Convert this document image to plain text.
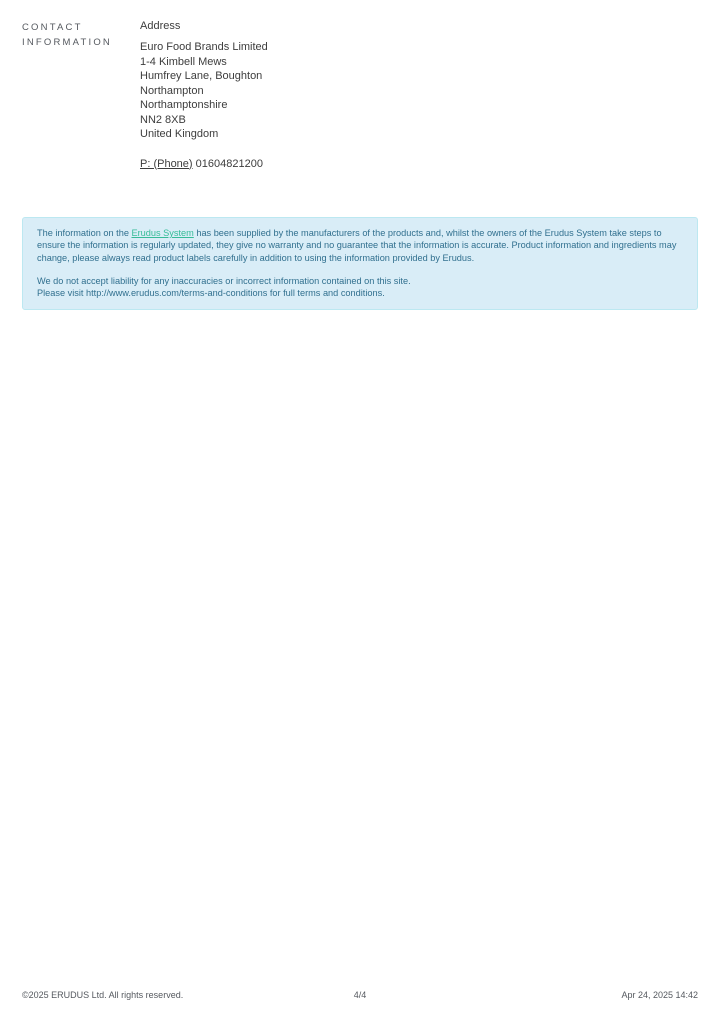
CONTACT INFORMATION
Address
Euro Food Brands Limited
1-4 Kimbell Mews
Humfrey Lane, Boughton
Northampton
Northamptonshire
NN2 8XB
United Kingdom
P: (Phone) 01604821200
The information on the Erudus System has been supplied by the manufacturers of the products and, whilst the owners of the Erudus System take steps to ensure the information is regularly updated, they give no warranty and no guarantee that the information is accurate. Product information and ingredients may change, please always read product labels carefully in addition to using the information provided by Erudus.
We do not accept liability for any inaccuracies or incorrect information contained on this site.
Please visit http://www.erudus.com/terms-and-conditions for full terms and conditions.
©2025 ERUDUS Ltd. All rights reserved.	4/4	Apr 24, 2025 14:42
